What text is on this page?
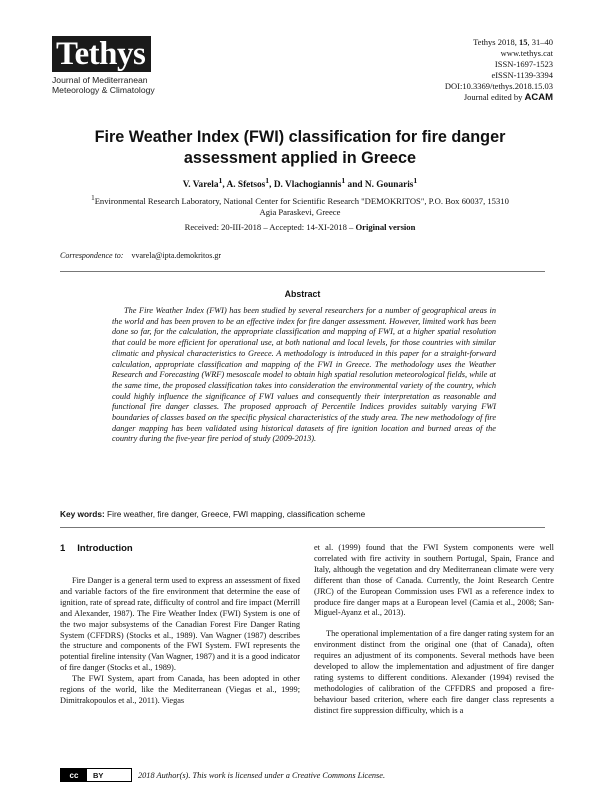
Tethys
Journal of Mediterranean
Meteorology & Climatology
Tethys 2018, 15, 31–40
www.tethys.cat
ISSN-1697-1523
eISSN-1139-3394
DOI:10.3369/tethys.2018.15.03
Journal edited by ACAM
Fire Weather Index (FWI) classification for fire danger assessment applied in Greece
V. Varela$^1$, A. Sfetsos$^1$, D. Vlachogiannis$^1$ and N. Gounaris$^1$
$^1$Environmental Research Laboratory, National Center for Scientific Research "DEMOKRITOS", P.O. Box 60037, 15310
Agia Paraskevi, Greece
Received: 20-III-2018 – Accepted: 14-XI-2018 – Original version
Correspondence to: vvarela@ipta.demokritos.gr
Abstract
The Fire Weather Index (FWI) has been studied by several researchers for a number of geographical areas in the world and has been proven to be an effective index for fire danger assessment. However, limited work has been done so far, for the calculation, the appropriate classification and mapping of FWI, at a higher spatial resolution that could be more efficient for operational use, at both national and local levels, for those countries with similar climatic and physical characteristics to Greece. A methodology is introduced in this paper for a straight-forward calculation, appropriate classification and mapping of the FWI in Greece. The methodology uses the Weather Research and Forecasting (WRF) mesoscale model to obtain high spatial resolution meteorological fields, while at the same time, the proposed classification takes into consideration the environmental variety of the country, which could highly influence the significance of FWI values and consequently their interpretation as reasonable and functional fire danger classes. The proposed approach of Percentile Indices provides suitably varying FWI boundaries of classes based on the specific physical characteristics of the study area. The new methodology of fire danger mapping has been validated using historical datasets of fire ignition location and burned areas of the country during the five-year fire period of study (2009-2013).
Key words: Fire weather, fire danger, Greece, FWI mapping, classification scheme
1 Introduction

Fire Danger is a general term used to express an assessment of fixed and variable factors of the fire environment that determine the ease of ignition, rate of spread rate, difficulty of control and fire impact (Merrill and Alexander, 1987). The Fire Weather Index (FWI) System is one of the two major subsystems of the Canadian Forest Fire Danger Rating System (CFFDRS) (Stocks et al., 1989). Van Wagner (1987) describes the structure and components of the FWI System. FWI represents the potential fireline intensity (Van Wagner, 1987) and it is a good indicator of fire danger (Stocks et al., 1989).

The FWI System, apart from Canada, has been adopted in other regions of the world, like the Mediterranean (Viegas et al., 1999; Dimitrakopoulos et al., 2011). Viegas

et al. (1999) found that the FWI System components were well correlated with fire activity in southern Portugal, Spain, France and Italy, although the vegetation and dry Mediterranean climate were very different than those of Canada. Currently, the Joint Research Centre (JRC) of the European Commission uses FWI as a reference index to produce fire danger maps at a European level (Camia et al., 2008; San-Miguel-Ayanz et al., 2013).

The operational implementation of a fire danger rating system for an environment distinct from the original one (that of Canada), often requires an adjustment of its components. Several methods have been developed to allow the implementation and adjustment of fire danger rating systems to different conditions. Alexander (1994) revised the methodologies of calibration of the CFFDRS and proposed a fire-behaviour based criterion, where each fire danger class represents a distinct fire suppression difficulty, which is a

cc	BY	2018 Author(s). This work is licensed under a Creative Commons License.
